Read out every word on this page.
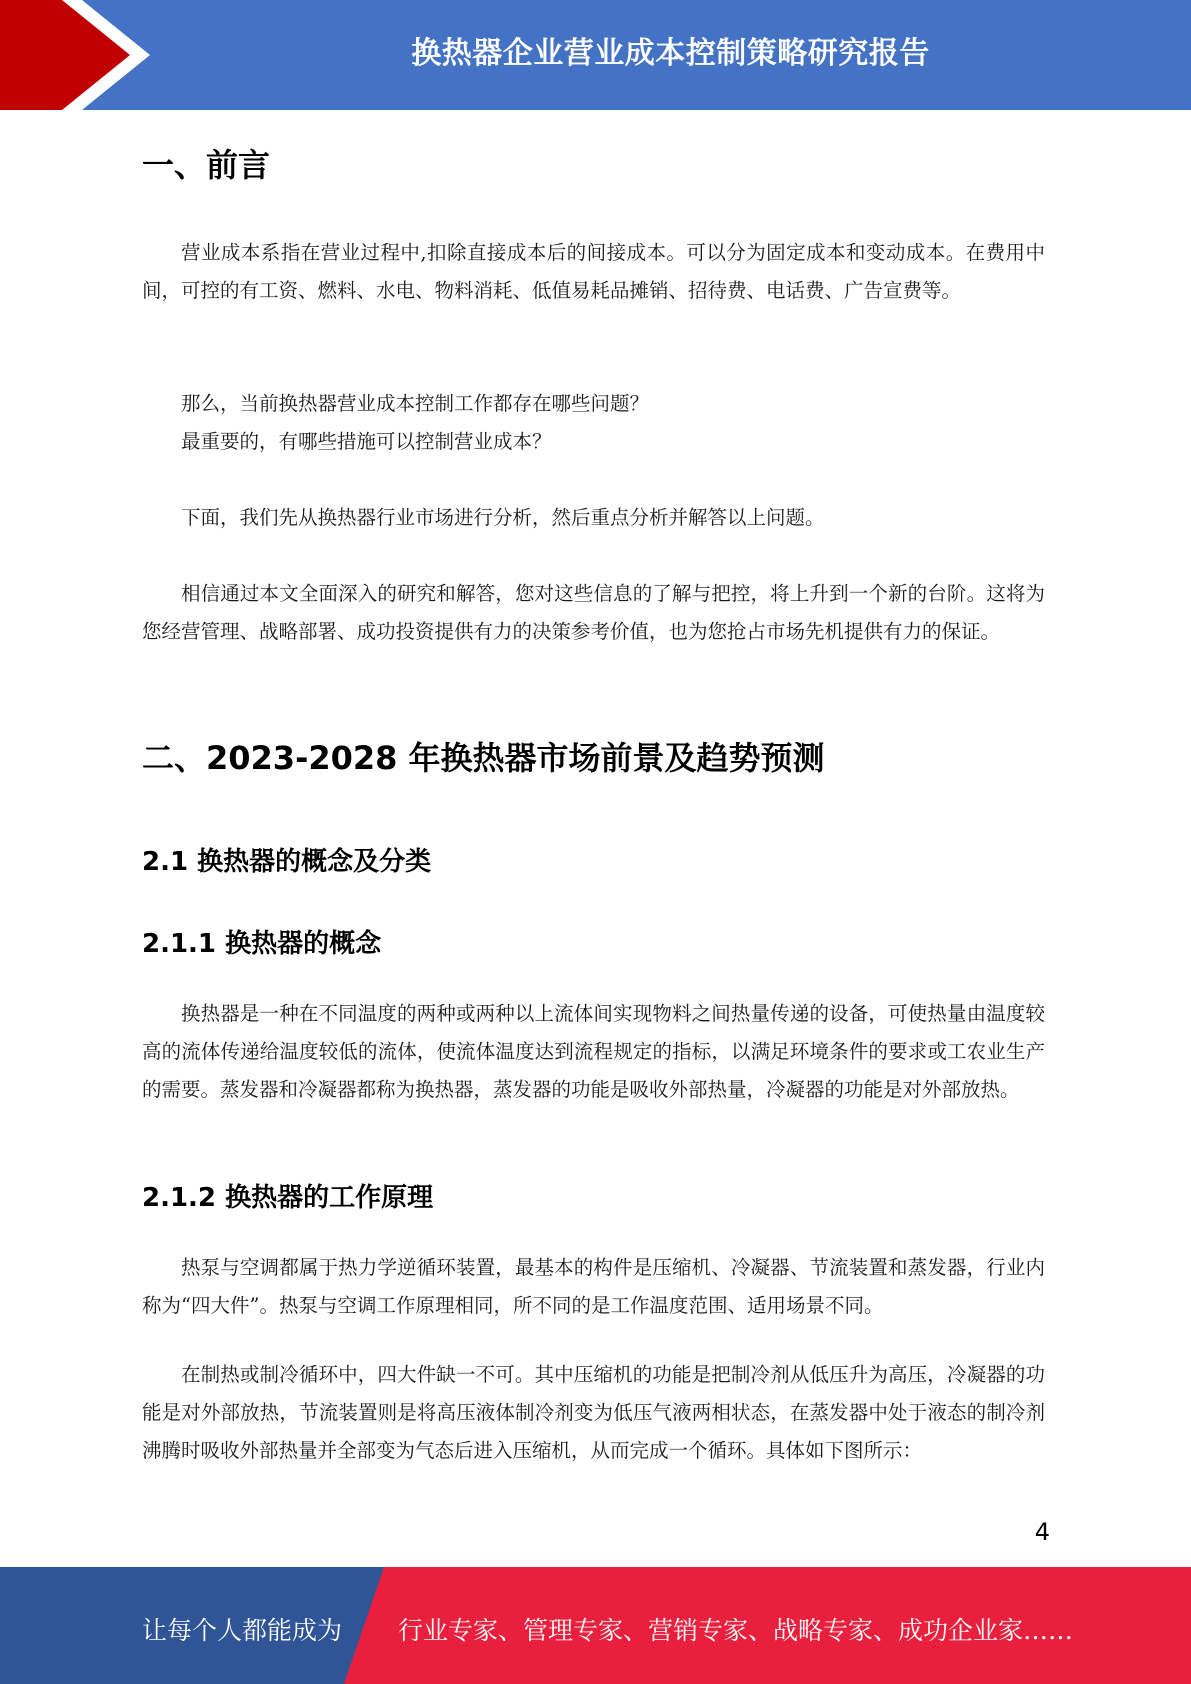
换热器企业营业成本控制策略研究报告
一、前言

营业成本系指在营业过程中,扣除直接成本后的间接成本。可以分为固定成本和变动成本。在费用中间，可控的有工资、燃料、水电、物料消耗、低值易耗品摊销、招待费、电话费、广告宣费等。

那么，当前换热器营业成本控制工作都存在哪些问题？

最重要的，有哪些措施可以控制营业成本？

下面，我们先从换热器行业市场进行分析，然后重点分析并解答以上问题。

相信通过本文全面深入的研究和解答，您对这些信息的了解与把控，将上升到一个新的台阶。这将为您经营管理、战略部署、成功投资提供有力的决策参考价值，也为您抢占市场先机提供有力的保证。

二、2023-2028 年换热器市场前景及趋势预测
2.1 换热器的概念及分类
2.1.1 换热器的概念

换热器是一种在不同温度的两种或两种以上流体间实现物料之间热量传递的设备，可使热量由温度较高的流体传递给温度较低的流体，使流体温度达到流程规定的指标，以满足环境条件的要求或工农业生产的需要。蒸发器和冷凝器都称为换热器，蒸发器的功能是吸收外部热量，冷凝器的功能是对外部放热。

2.1.2 换热器的工作原理

热泵与空调都属于热力学逆循环装置，最基本的构件是压缩机、冷凝器、节流装置和蒸发器，行业内称为“四大件”。热泵与空调工作原理相同，所不同的是工作温度范围、适用场景不同。

在制热或制冷循环中，四大件缺一不可。其中压缩机的功能是把制冷剂从低压升为高压，冷凝器的功能是对外部放热，节流装置则是将高压液体制冷剂变为低压气液两相状态，在蒸发器中处于液态的制冷剂沸腾时吸收外部热量并全部变为气态后进入压缩机，从而完成一个循环。具体如下图所示：

4
让每个人都能成为 行业专家、管理专家、营销专家、战略专家、成功企业家……
